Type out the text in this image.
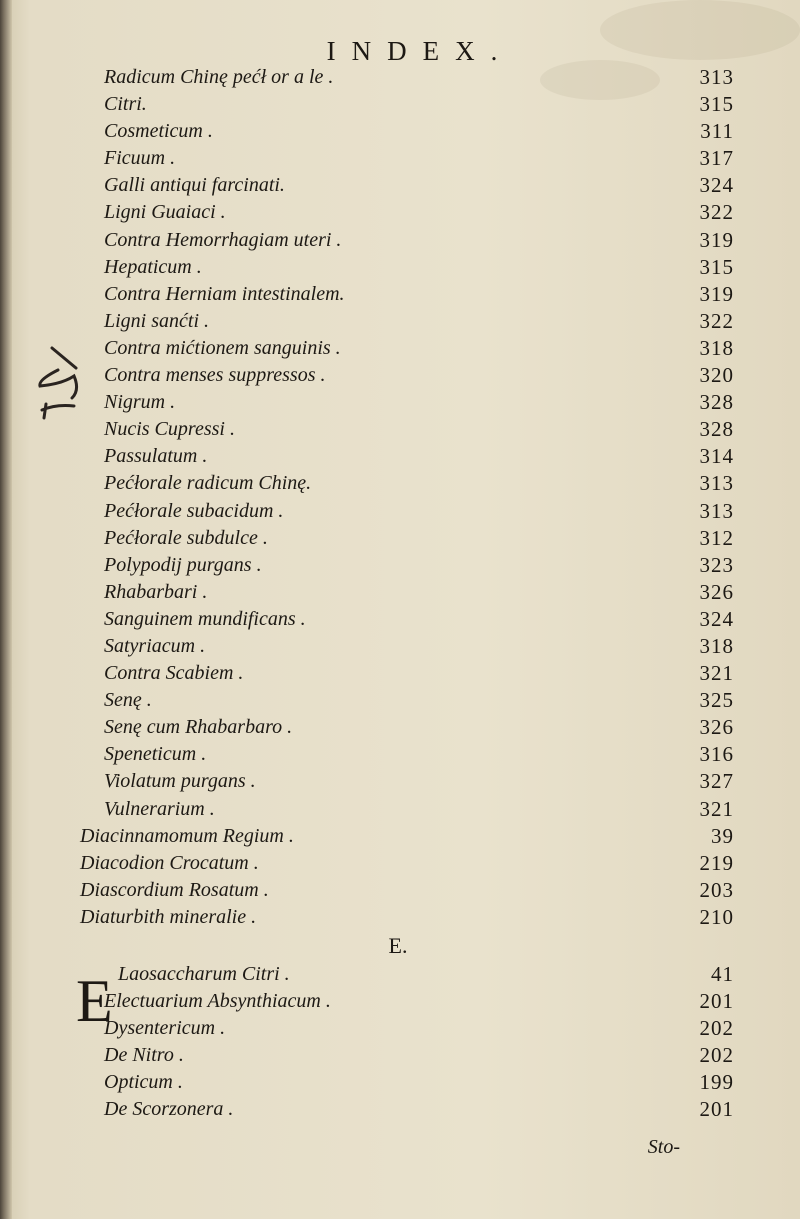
INDEX.
Radicum Chinę pećł or a le .	313
Citri.	315
Cosmeticum .	311
Ficuum .	317
Galli antiqui farcinati.	324
Ligni Guaiaci .	322
Contra Hemorrhagiam uteri .	319
Hepaticum .	315
Contra Herniam intestinalem.	319
Ligni sanćti .	322
Contra mićtionem sanguinis .	318
Contra menses suppressos .	320
Nigrum .	328
Nucis Cupressi .	328
Passulatum .	314
Pećłorale radicum Chinę.	313
Pećłorale subacidum .	313
Pećłorale subdulce .	312
Polypodij purgans .	323
Rhabarbari .	326
Sanguinem mundificans .	324
Satyriacum .	318
Contra Scabiem .	321
Senę .	325
Senę cum Rhabarbaro .	326
Speneticum .	316
Violatum purgans .	327
Vulnerarium .	321
Diacinnamomum Regium .	39
Diacodion Crocatum .	219
Diascordium Rosatum .	203
Diaturbith mineralie .	210
E.
Laosaccharum Citri .	41
Electuarium Absynthiacum .	201
Dysentericum .	202
De Nitro .	202
Opticum .	199
De Scorzonera .	201
E
Sto-
